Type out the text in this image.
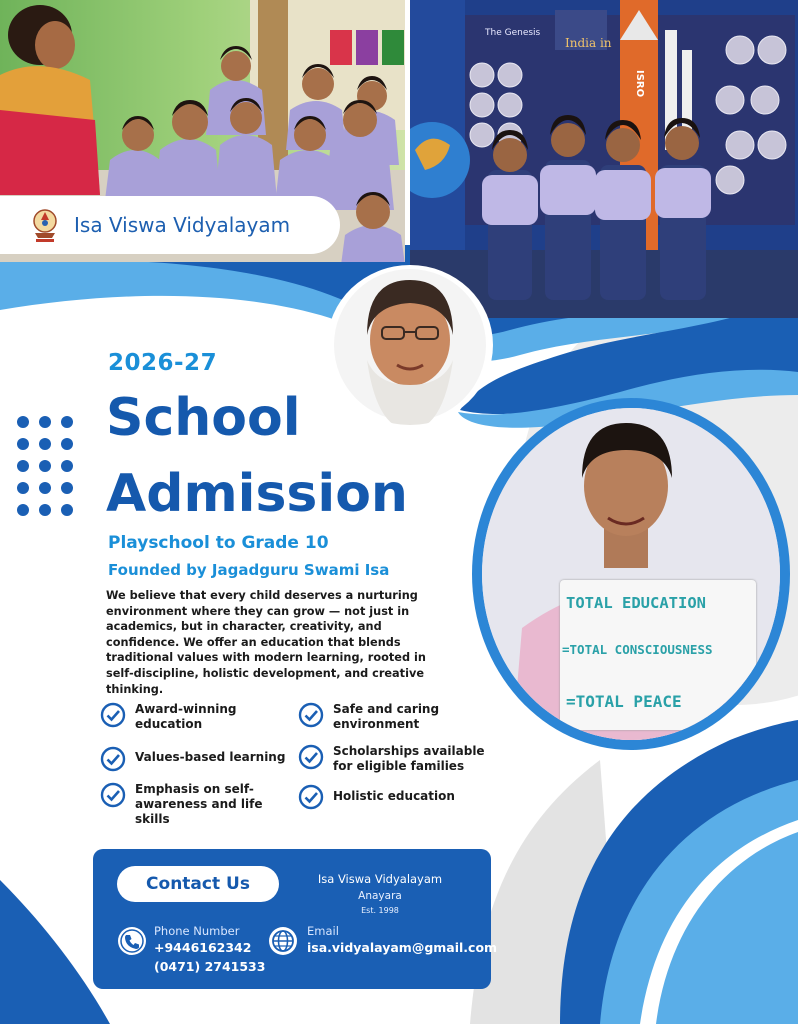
The Genesis
India in
ISRO
Isa Viswa Vidyalayam
TOTAL EDUCATION
=TOTAL CONSCIOUSNESS
=TOTAL PEACE
2026-27
School
Admission
Playschool to Grade 10
Founded by Jagadguru Swami Isa
We believe that every child deserves a nurturing environment where they can grow — not just in academics, but in character, creativity, and confidence. We offer an education that blends traditional values with modern learning, rooted in self-discipline, holistic development, and creative thinking.
Award-winning education
Safe and caring environment
Values-based learning	Scholarships available for eligible families
Emphasis on self-awareness and life skills
Holistic education
Contact Us	Isa Viswa Vidyalayam
Anayara
Est. 1998
Phone Number
+9446162342
(0471) 2741533
Email
isa.vidyalayam@gmail.com
